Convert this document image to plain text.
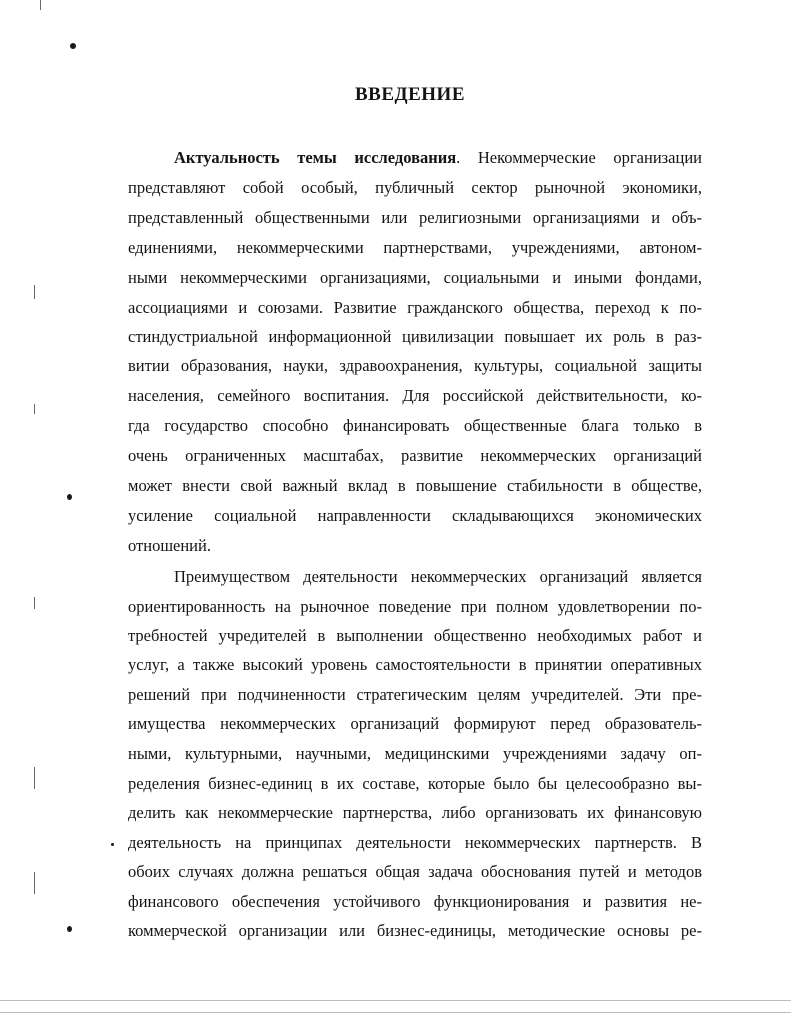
ВВЕДЕНИЕ
Актуальность темы исследования. Некоммерческие организации
представляют собой особый, публичный сектор рыночной экономики,
представленный общественными или религиозными организациями и объ-
единениями, некоммерческими партнерствами, учреждениями, автоном-
ными некоммерческими организациями, социальными и иными фондами,
ассоциациями и союзами. Развитие гражданского общества, переход к по-
стиндустриальной информационной цивилизации повышает их роль в раз-
витии образования, науки, здравоохранения, культуры, социальной защиты
населения, семейного воспитания. Для российской действительности, ко-
гда государство способно финансировать общественные блага только в
очень ограниченных масштабах, развитие некоммерческих организаций
может внести свой важный вклад в повышение стабильности в обществе,
усиление социальной направленности складывающихся экономических
отношений.
Преимуществом деятельности некоммерческих организаций является
ориентированность на рыночное поведение при полном удовлетворении по-
требностей учредителей в выполнении общественно необходимых работ и
услуг, а также высокий уровень самостоятельности в принятии оперативных
решений при подчиненности стратегическим целям учредителей. Эти пре-
имущества некоммерческих организаций формируют перед образователь-
ными, культурными, научными, медицинскими учреждениями задачу оп-
ределения бизнес-единиц в их составе, которые было бы целесообразно вы-
делить как некоммерческие партнерства, либо организовать их финансовую
деятельность на принципах деятельности некоммерческих партнерств. В
обоих случаях должна решаться общая задача обоснования путей и методов
финансового обеспечения устойчивого функционирования и развития не-
коммерческой организации или бизнес-единицы, методические основы ре-
